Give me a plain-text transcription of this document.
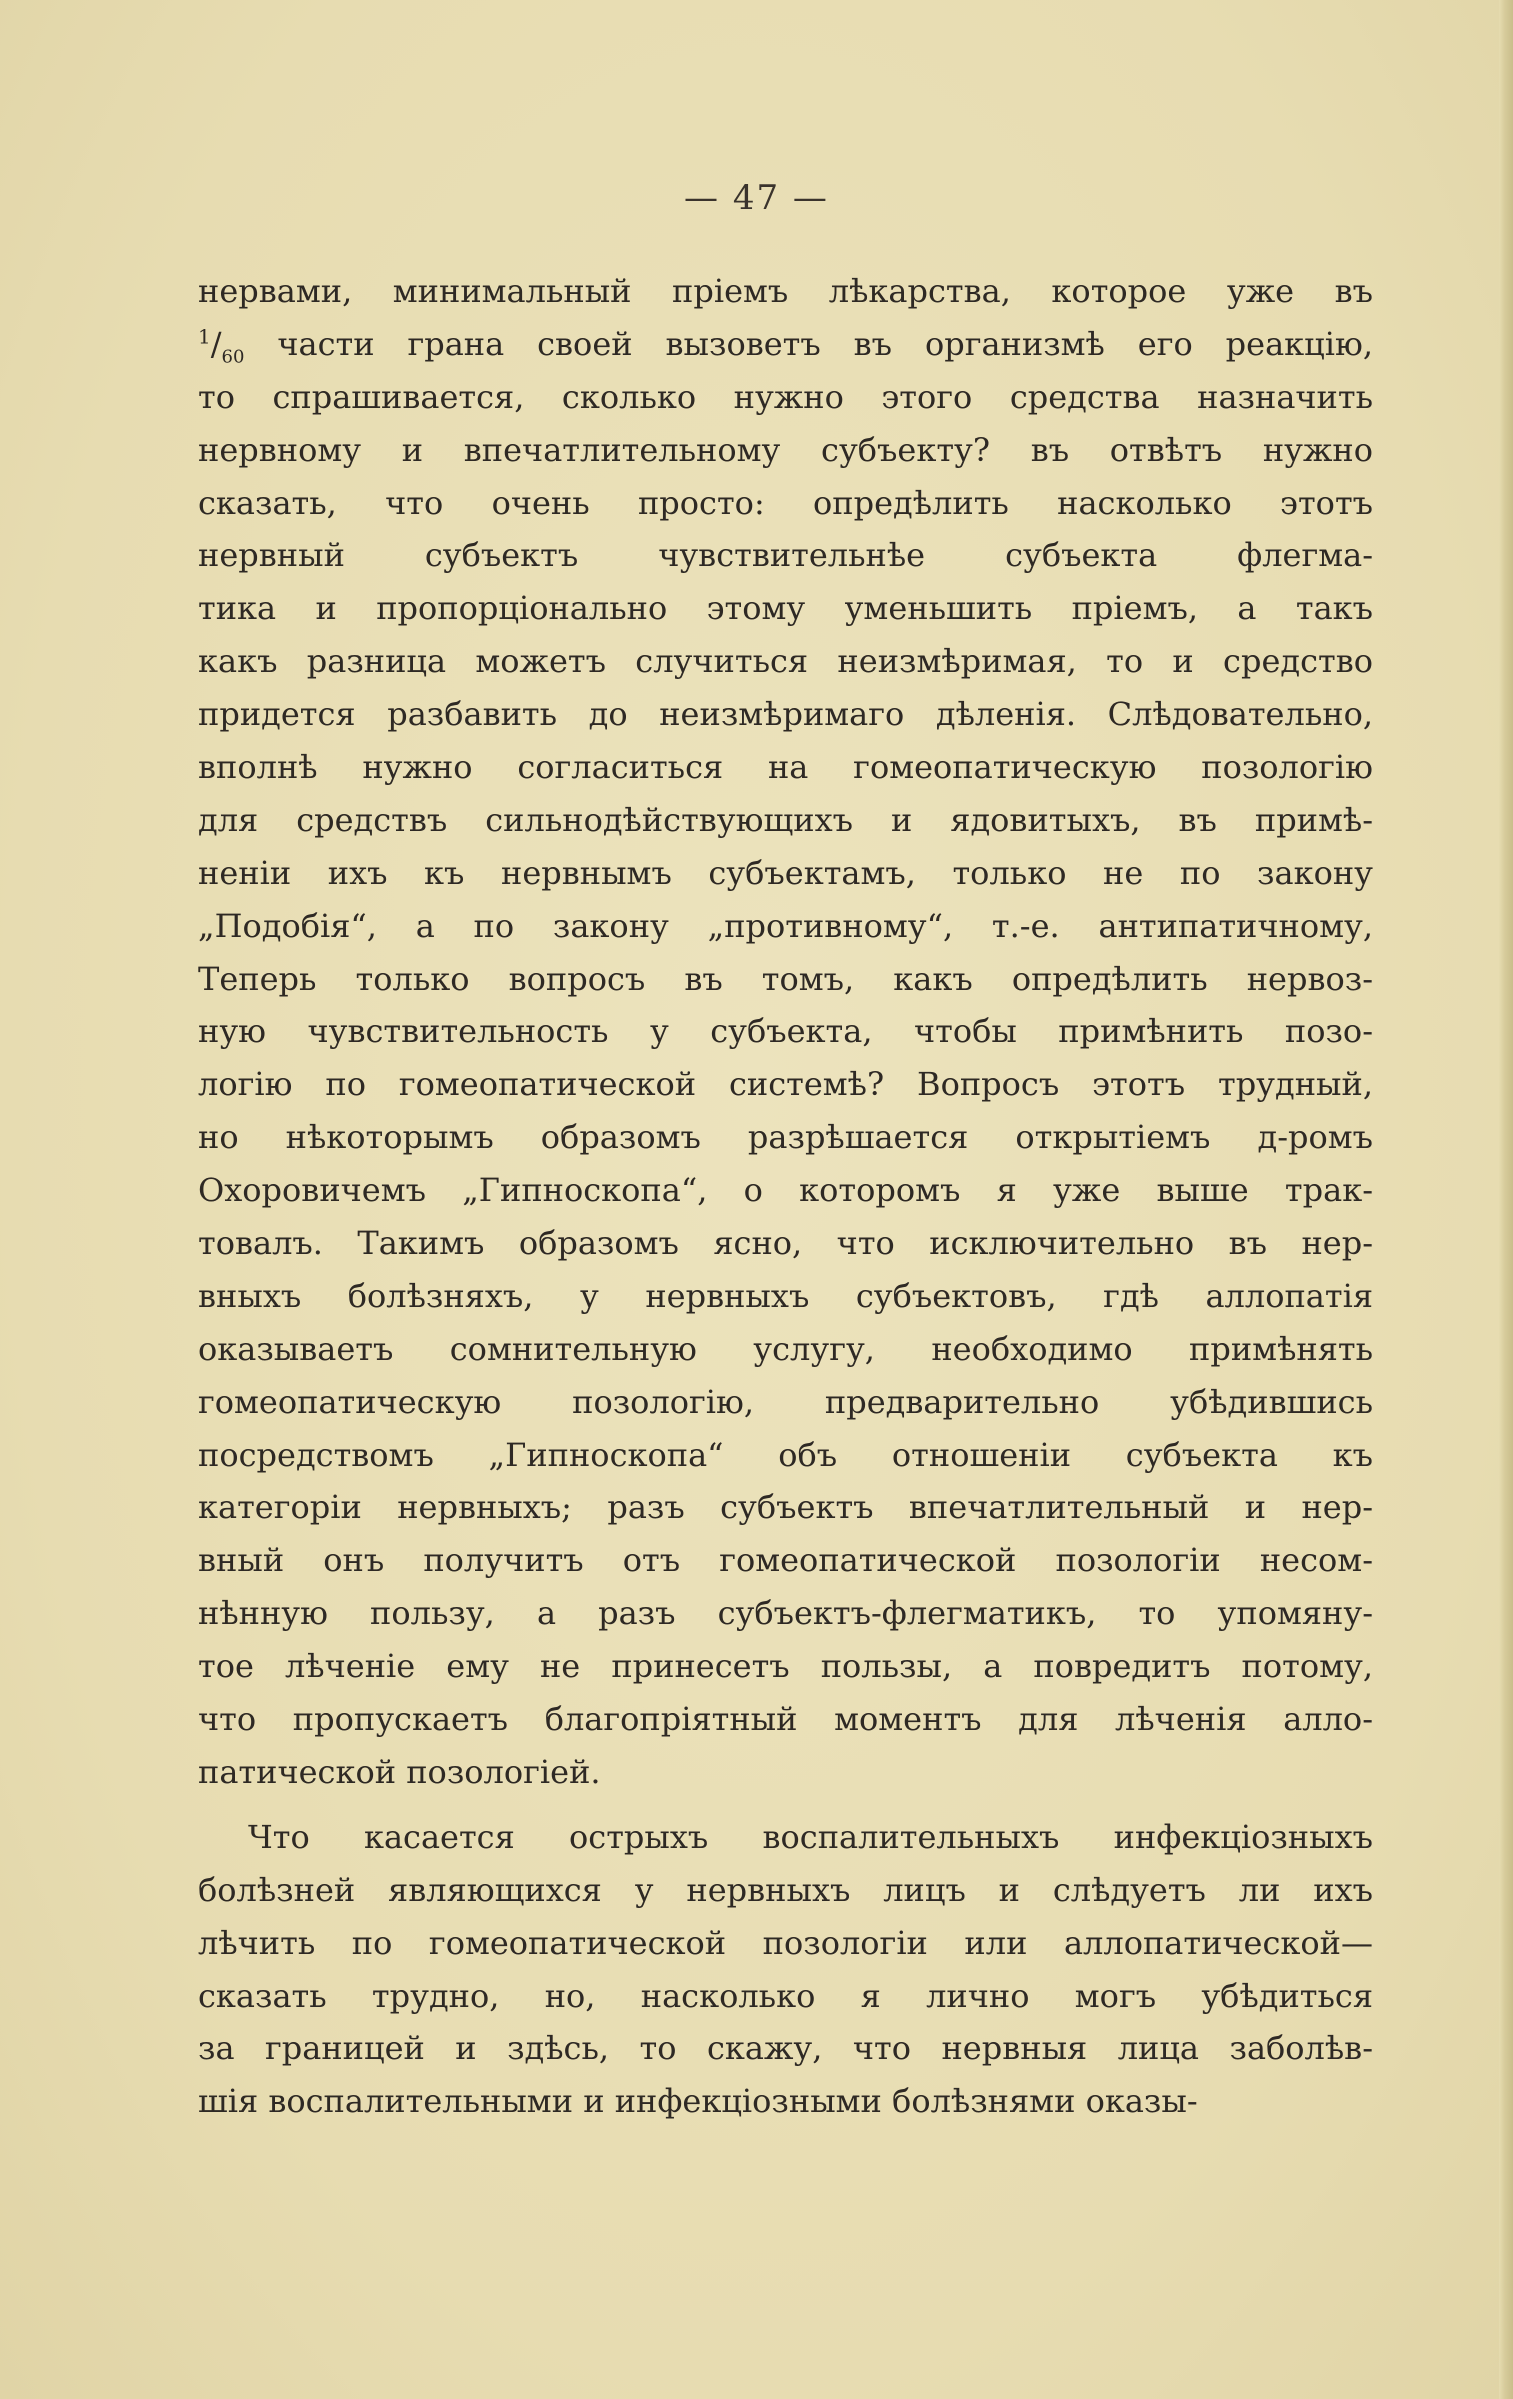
— 47 —
нервами, минимальный прiемъ лѣкарства, которое уже въ
$^1/_{60}$ части грана своей вызоветъ въ организмѣ его реакцiю,
то спрашивается, сколько нужно этого средства назначить
нервному и впечатлительному субъекту? въ отвѣтъ нужно
сказать, что очень просто: опредѣлить насколько этотъ
нервный субъектъ чувствительнѣе субъекта флегма-
тика и пропорцiонально этому уменьшить прiемъ, а такъ
какъ разница можетъ случиться неизмѣримая, то и средство
придется разбавить до неизмѣримаго дѣленiя. Слѣдовательно,
вполнѣ нужно согласиться на гомеопатическую позологiю
для средствъ сильнодѣйствующихъ и ядовитыхъ, въ примѣ-
ненiи ихъ къ нервнымъ субъектамъ, только не по закону
„Подобiя“, а по закону „противному“, т.-е. антипатичному,
Теперь только вопросъ въ томъ, какъ опредѣлить нервоз-
ную чувствительность у субъекта, чтобы примѣнить позо-
логiю по гомеопатической системѣ? Вопросъ этотъ трудный,
но нѣкоторымъ образомъ разрѣшается открытiемъ д-ромъ
Охоровичемъ „Гипноскопа“, о которомъ я уже выше трак-
товалъ. Такимъ образомъ ясно, что исключительно въ нер-
вныхъ болѣзняхъ, у нервныхъ субъектовъ, гдѣ аллопатiя
оказываетъ сомнительную услугу, необходимо примѣнять
гомеопатическую позологiю, предварительно убѣдившись
посредствомъ „Гипноскопа“ объ отношенiи субъекта къ
категорiи нервныхъ; разъ субъектъ впечатлительный и нер-
вный онъ получитъ отъ гомеопатической позологiи несом-
нѣнную пользу, а разъ субъектъ-флегматикъ, то упомяну-
тое лѣченiе ему не принесетъ пользы, а повредитъ потому,
что пропускаетъ благопрiятный моментъ для лѣченiя алло-
патической позологiей.
Что касается острыхъ воспалительныхъ инфекцiозныхъ
болѣзней являющихся у нервныхъ лицъ и слѣдуетъ ли ихъ
лѣчить по гомеопатической позологiи или аллопатической—
сказать трудно, но, насколько я лично могъ убѣдиться
за границей и здѣсь, то скажу, что нервныя лица заболѣв-
шiя воспалительными и инфекцiозными болѣзнями оказы-
